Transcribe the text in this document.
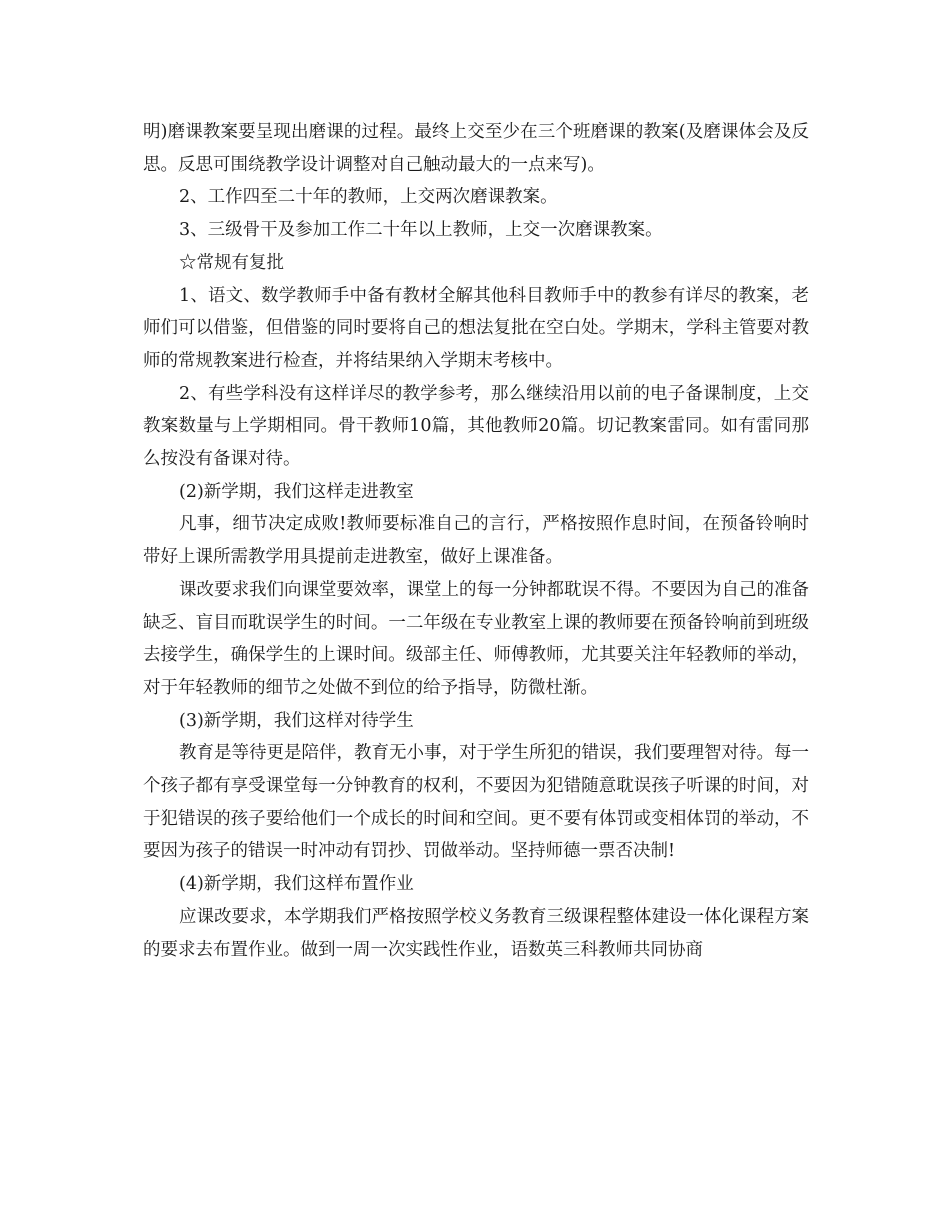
明)磨课教案要呈现出磨课的过程。最终上交至少在三个班磨课的教案(及磨课体会及反思。反思可围绕教学设计调整对自己触动最大的一点来写)。

2、工作四至二十年的教师，上交两次磨课教案。

3、三级骨干及参加工作二十年以上教师，上交一次磨课教案。

☆常规有复批

1、语文、数学教师手中备有教材全解其他科目教师手中的教参有详尽的教案，老师们可以借鉴，但借鉴的同时要将自己的想法复批在空白处。学期末，学科主管要对教师的常规教案进行检查，并将结果纳入学期末考核中。

2、有些学科没有这样详尽的教学参考，那么继续沿用以前的电子备课制度，上交教案数量与上学期相同。骨干教师10篇，其他教师20篇。切记教案雷同。如有雷同那么按没有备课对待。

(2)新学期，我们这样走进教室

凡事，细节决定成败!教师要标准自己的言行，严格按照作息时间，在预备铃响时带好上课所需教学用具提前走进教室，做好上课准备。

课改要求我们向课堂要效率，课堂上的每一分钟都耽误不得。不要因为自己的准备缺乏、盲目而耽误学生的时间。一二年级在专业教室上课的教师要在预备铃响前到班级去接学生，确保学生的上课时间。级部主任、师傅教师，尤其要关注年轻教师的举动，对于年轻教师的细节之处做不到位的给予指导，防微杜渐。

(3)新学期，我们这样对待学生

教育是等待更是陪伴，教育无小事，对于学生所犯的错误，我们要理智对待。每一个孩子都有享受课堂每一分钟教育的权利，不要因为犯错随意耽误孩子听课的时间，对于犯错误的孩子要给他们一个成长的时间和空间。更不要有体罚或变相体罚的举动，不要因为孩子的错误一时冲动有罚抄、罚做举动。坚持师德一票否决制!

(4)新学期，我们这样布置作业

应课改要求，本学期我们严格按照学校义务教育三级课程整体建设一体化课程方案的要求去布置作业。做到一周一次实践性作业，语数英三科教师共同协商
